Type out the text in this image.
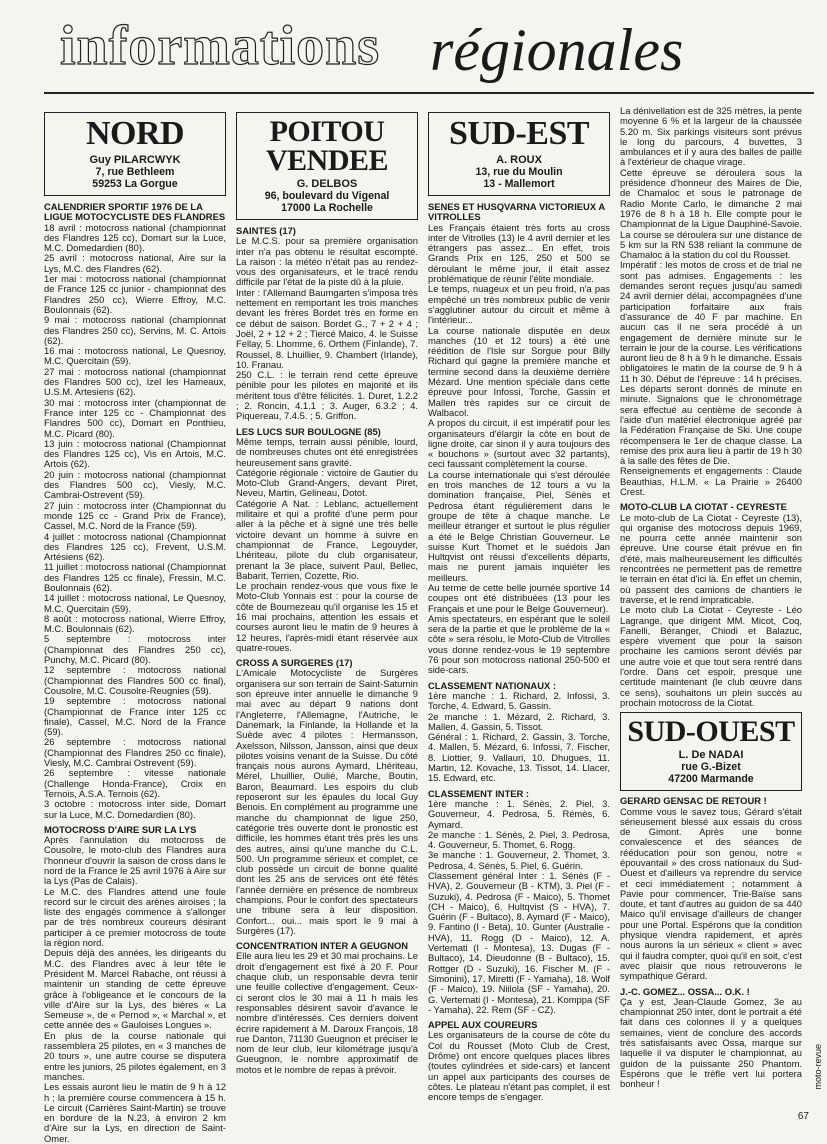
informations régionales
NORD
Guy PILARCWYK
7, rue Bethleem
59253 La Gorgue
CALENDRIER SPORTIF 1976 DE LA LIGUE MOTOCYCLISTE DES FLANDRES

18 avril : motocross national (championnat des Flandres 125 cc), Domart sur la Luce, M.C. Domedardien (80).

25 avril : motocross national, Aire sur la Lys, M.C. des Flandres (62).

1er mai : motocross national (championnat de France 125 cc junior - championnat des Flandres 250 cc), Wierre Effroy, M.C. Boulonnais (62).

9 mai : motocross national (championnat des Flandres 250 cc), Servins, M. C. Artois (62).

16 mai : motocross national, Le Quesnoy, M.C. Quercitain (59).

27 mai : motocross national (championnat des Flandres 500 cc), Izel les Hameaux, U.S.M. Artesiens (62).

30 mai : motocross inter (championnat de France inter 125 cc - Championnat des Flandres 500 cc), Domart en Ponthieu, M.C. Picard (80).

13 juin : motocross national (Championnat des Flandres 125 cc), Vis en Artois, M.C. Artois (62).

20 juin : motocross national (championnat des Flandres 500 cc), Viesly, M.C. Cambrai-Ostrevent (59).

27 juin : motocross inter (Championnat du monde 125 cc - Grand Prix de France), Cassel, M.C. Nord de la France (59).

4 juillet : motocross national (Championnat des Flandres 125 cc), Frevent, U.S.M. Artésiens (62).

11 juillet : motocross national (Championnat des Flandres 125 cc finale), Fressin, M.C. Boulonnais (62).

14 juillet : motocross national, Le Quesnoy, M.C. Quercitain (59).

8 août : motocross national, Wierre Effroy, M.C. Boulonnais (62).

5 septembre : motocross inter (Championnat des Flandres 250 cc), Punchy, M.C. Picard (80).

12 septembre : motocross national (Championnat des Flandres 500 cc final), Cousolre, M.C. Cousolre-Reugnies (59).

19 septembre : motocross national (Championnat de France inter 125 cc finale), Cassel, M.C. Nord de la France (59).

26 septembre : motocross national (Championnat des Flandres 250 cc finale), Viesly, M.C. Cambrai Ostrevent (59).

26 septembre : vitesse nationale (Challenge Honda-France), Croix en Ternois, A.S.A. Ternois (62).

3 octobre : motocross inter side, Domart sur la Luce, M.C. Domedardien (80).

MOTOCROSS D'AIRE SUR LA LYS

Après l'annulation du motocross de Cousolre, le moto-club des Flandres aura l'honneur d'ouvrir la saison de cross dans le nord de la France le 25 avril 1976 à Aire sur la Lys (Pas de Calais).

Le M.C. des Flandres attend une foule record sur le circuit des arènes airoises ; la liste des engagés commence à s'allonger par de très nombreux coureurs désirant participer à ce premier motocross de toute la région nord.

Depuis déjà des années, les dirigeants du M.C. des Flandres avec à leur tête le Président M. Marcel Rabache, ont réussi à maintenir un standing de cette épreuve grâce à l'obligeance et le concours de la ville d'Aire sur la Lys, des bières « La Semeuse », de « Pernod », « Marchal », et cette année des « Gauloises Longues ».

En plus de la course nationale qui rassemblera 25 pilotes, en « 3 manches de 20 tours », une autre course se disputera entre les juniors, 25 pilotes également, en 3 manches.

Les essais auront lieu le matin de 9 h à 12 h ; la première course commencera à 15 h. Le circuit (Carrières Saint-Martin) se trouve en bordure de la N.23, à environ 2 km d'Aire sur la Lys, en direction de Saint-Omer.

POITOU VENDEE
G. DELBOS
96, boulevard du Vigenal
17000 La Rochelle
SAINTES (17)

Le M.C.S. pour sa première organisation inter n'a pas obtenu le résultat escompté. La raison : la météo n'était pas au rendez-vous des organisateurs, et le tracé rendu difficile par l'état de la piste dû à la pluie.

Inter : l'Allemand Baumgarten s'imposa très nettement en remportant les trois manches devant les frères Bordet très en forme en ce début de saison. Bordet G., 7 + 2 + 4 ; Joël, 2 + 12 + 2 ; Tiercé Maico, 4. le Suisse Fellay, 5. Lhomme, 6. Orthem (Finlande), 7. Roussel, 8. Lhuillier, 9. Chambert (Irlande), 10. Franau.

250 C.L. : le terrain rend cette épreuve pénible pour les pilotes en majorité et ils méritent tous d'être félicités. 1. Duret, 1.2.2 ; 2. Roncin, 4.1.1 ; 3. Auger, 6.3.2 ; 4. Piquereau, 7.4.5. ; 5. Griffon.

LES LUCS SUR BOULOGNE (85)

Même temps, terrain aussi pénible, lourd, de nombreuses chutes ont été enregistrées heureusement sans gravité.

Catégorie régionale : victoire de Gautier du Moto-Club Grand-Angers, devant Piret, Neveu, Martin, Gelineau, Dotot.

Catégorie A Nat. : Leblanc, actuellement militaire et qui a profité d'une perm pour aller à la pêche et à signé une très belle victoire devant un homme à suivre en championnat de France, Legouyder, Lhériteau, pilote du club organisateur, prenant la 3e place, suivent Paul, Bellec, Babarit, Terrien, Cozette, Rio.

Le prochain rendez-vous que vous fixe le Moto-Club Yonnais est : pour la course de côte de Bournezeau qu'il organise les 15 et 16 mai prochains, attention les essais et courses auront lieu le matin de 9 heures à 12 heures, l'après-midi étant réservée aux quatre-roues.

CROSS A SURGERES (17)

L'Amicale Motocycliste de Surgères organisera sur son terrain de Saint-Saturnin son épreuve inter annuelle le dimanche 9 mai avec au départ 9 nations dont l'Angleterre, l'Allemagne, l'Autriche, le Danemark, la Finlande, la Hollande et la Suède avec 4 pilotes : Hermansson, Axelsson, Nilsson, Jansson, ainsi que deux pilotes voisins venant de la Suisse. Du côté français nous aurons Aymard, Lhériteau, Mérel, Lhuillier, Oulié, Marche, Boutin, Baron, Beaumard. Les espoirs du club reposeront sur les épaules du local Guy Benois. En complément au programme une manche du championnat de ligue 250, catégorie très ouverte dont le pronostic est difficile, les hommes étant très près les uns des autres, ainsi qu'une manche du C.L. 500. Un programme sérieux et complet, ce club possède un circuit de bonne qualité dont les 25 ans de services ont été fêtés l'année dernière en présence de nombreux champions. Pour le confort des spectateurs une tribune sera à leur disposition. Confort... oui... mais sport le 9 mai à Surgères (17).

CONCENTRATION INTER A GEUGNON

Elle aura lieu les 29 et 30 mai prochains. Le droit d'engagement est fixé à 20 F. Pour chaque club, un responsable devra tenir une feuille collective d'engagement. Ceux-ci seront clos le 30 mai à 11 h mais les responsables désirent savoir d'avance le nombre d'intéressés. Ces derniers doivent écrire rapidement à M. Daroux François, 18 rue Danton, 71130 Gueugnon et préciser le nom de leur club, leur kilométrage jusqu'à Gueugnon, le nombre approximatif de motos et le nombre de repas à prévoir.

SUD-EST
A. ROUX
13, rue du Moulin
13 - Mallemort
SENES ET HUSQVARNA VICTORIEUX A VITROLLES

Les Français étaient très forts au cross inter de Vitrolles (13) le 4 avril dernier et les étrangers pas assez... En effet, trois Grands Prix en 125, 250 et 500 se déroulant le même jour, il était assez problématique de réunir l'élite mondiale.

Le temps, nuageux et un peu froid, n'a pas empêché un très nombreux public de venir s'agglutiner autour du circuit et même à l'intérieur...

La course nationale disputée en deux manches (10 et 12 tours) a été une réédition de l'Isle sur Sorgue pour Billy Richard qui gagne la première manche et termine second dans la deuxième derrière Mézard. Une mention spéciale dans cette épreuve pour Infossi, Torche, Gassin et Mallen très rapides sur ce circuit de Walbacol.

A propos du circuit, il est impératif pour les organisateurs d'élargir la côte en bout de ligne droite, car sinon il y aura toujours des « bouchons » (surtout avec 32 partants), ceci faussant complètement la course.

La course internationale qui s'est déroulée en trois manches de 12 tours a vu la domination française, Piel, Sénès et Pedrosa étant régulièrement dans le groupe de tête à chaque manche. Le meilleur étranger et surtout le plus régulier a été le Belge Christian Gouverneur. Le suisse Kurt Thomet et le suédois Jan Hultqvist ont réussi d'excellents départs, mais ne purent jamais inquiéter les meilleurs.

Au terme de cette belle journée sportive 14 coupes ont été distribuées (13 pour les Français et une pour le Belge Gouverneur).

Amis spectateurs, en espérant que le soleil sera de la partie et que le problème de la « côte » sera résolu, le Moto-Club de Vitrolles vous donne rendez-vous le 19 septembre 76 pour son motocross national 250-500 et side-cars.

CLASSEMENT NATIONAUX :

1ère manche : 1. Richard, 2. Infossi, 3. Torche, 4. Edward, 5. Gassin.

2e manche : 1. Mézard, 2. Richard, 3. Mallen, 4. Gassin, 5. Tissot.

Général : 1. Richard, 2. Gassin, 3. Torche, 4. Mallen, 5. Mézard, 6. Infossi, 7. Fischer, 8. Liottier, 9. Vallauri, 10. Dhugues, 11. Martin, 12. Kovache, 13. Tissot, 14. Llacer, 15. Edward, etc.

CLASSEMENT INTER :

1ère manche : 1. Sénès, 2. Piel, 3. Gouverneur, 4. Pedrosa, 5. Rémès, 6. Aymard.

2e manche : 1. Sénès, 2. Piel, 3. Pedrosa, 4. Gouverneur, 5. Thomet, 6. Rogg.

3e manche : 1. Gouverneur, 2. Thomet, 3. Pedrosa, 4. Sénès, 5. Piel, 6. Guérin.

Classement général Inter : 1. Sénès (F - HVA), 2. Gouverneur (B - KTM), 3. Piel (F - Suzuki), 4. Pedrosa (F - Maico), 5. Thomet (CH - Maico), 6. Hultqvist (S - HVA), 7. Guérin (F - Bultaco), 8. Aymard (F - Maico), 9. Fantino (I - Beta), 10. Gunter (Australie - HVA), 11. Rogg (D - Maico), 12. A. Vertemati (I - Montesa), 13. Dugas (F - Bultaco), 14. Dieudonne (B - Bultaco), 15. Rottger (D - Suzuki), 16. Fischer M. (F - Simonini), 17. Miretti (F - Yamaha), 18. Wolf (F - Maico), 19. Niilola (SF - Yamaha), 20. G. Vertemati (I - Montesa), 21. Komppa (SF - Yamaha), 22. Rem (SF - CZ).

APPEL AUX COUREURS

Les organisateurs de la course de côte du Col du Rousset (Moto Club de Crest, Drôme) ont encore quelques places libres (toutes cylindrées et side-cars) et lancent un appel aux participants des courses de côtes. Le plateau n'étant pas complet, il est encore temps de s'engager.

La dénivellation est de 325 mètres, la pente moyenne 6 % et la largeur de la chaussée 5.20 m. Six parkings visiteurs sont prévus le long du parcours, 4 buvettes, 3 ambulances et il y aura des balles de paille à l'extérieur de chaque virage.

Cette épreuve se déroulera sous la présidence d'honneur des Maires de Die, de Chamaloc et sous le patronage de Radio Monte Carlo, le dimanche 2 mai 1976 de 8 h à 18 h. Elle compte pour le Championnat de la Ligue Dauphiné-Savoie. La course se déroulera sur une distance de 5 km sur la RN 538 reliant la commune de Chamaloc à la station du col du Rousset.

Impératif : les motos de cross et de trial ne sont pas admises. Engagements : les demandes seront reçues jusqu'au samedi 24 avril dernier délai, accompagnées d'une participation forfaitaire aux frais d'assurance de 40 F par machine. En aucun cas il ne sera procédé à un engagement de dernière minute sur le terrain le jour de la course. Les vérifications auront lieu de 8 h à 9 h le dimanche. Essais obligatoires le matin de la course de 9 h à 11 h 30. Début de l'épreuve : 14 h précises. Les départs seront donnés de minute en minute. Signalons que le chronométrage sera effectué au centième de seconde à l'aide d'un matériel électronique agréé par la Fédération Française de Ski. Une coupe récompensera le 1er de chaque classe. La remise des prix aura lieu à partir de 19 h 30 à la salle des fêtes de Die.

Renseignements et engagements : Claude Beauthias, H.L.M. « La Prairie » 26400 Crest.

MOTO-CLUB LA CIOTAT - CEYRESTE

Le moto-club de La Ciotat - Ceyreste (13), qui organise des motocross depuis 1969, ne pourra cette année maintenir son épreuve. Une course était prévue en fin d'été, mais malheureusement les difficultés rencontrées ne permettent pas de remettre le terrain en état d'ici là. En effet un chemin, où passent des camions de chantiers le traverse, et le rend impraticable.

Le moto club La Ciotat - Ceyreste - Léo Lagrange, que dirigent MM. Micot, Coq, Fanelli, Béranger, Chiodi et Balazuc, espère vivement que pour la saison prochaine les camions seront déviés par une autre voie et que tout sera rentré dans l'ordre. Dans cet espoir, presque une certitude maintenant (le club œuvre dans ce sens), souhaitons un plein succès au prochain motocross de la Ciotat.

SUD-OUEST
L. De NADAI
rue G.-Bizet
47200 Marmande
GERARD GENSAC DE RETOUR !

Comme vous le savez tous, Gérard s'était sérieusement blessé aux essais du cross de Gimont. Après une bonne convalescence et des séances de rééducation pour son genou, notre « épouvantail » des cross nationaux du Sud-Ouest et d'ailleurs va reprendre du service et ceci immédiatement ; notamment à Pavie pour commencer, Trie-Baïse sans doute, et tant d'autres au guidon de sa 440 Maico qu'il envisage d'ailleurs de changer pour une Portal. Espérons que la condition physique viendra rapidement, et après nous aurons la un sérieux « client » avec qui il faudra compter, quoi qu'il en soit, c'est avec plaisir que nous retrouverons le sympathique Gérard.

J.-C. GOMEZ... OSSA... O.K. !

Ça y est, Jean-Claude Gomez, 3e au championnat 250 inter, dont le portrait a été fait dans ces colonnes il y a quelques semaines, vient de conclure des accords très satisfaisants avec Ossa, marque sur laquelle il va disputer le championnat, au guidon de la puissante 250 Phantom. Espérons que le trèfle vert lui portera bonheur !	moto-revue
67
